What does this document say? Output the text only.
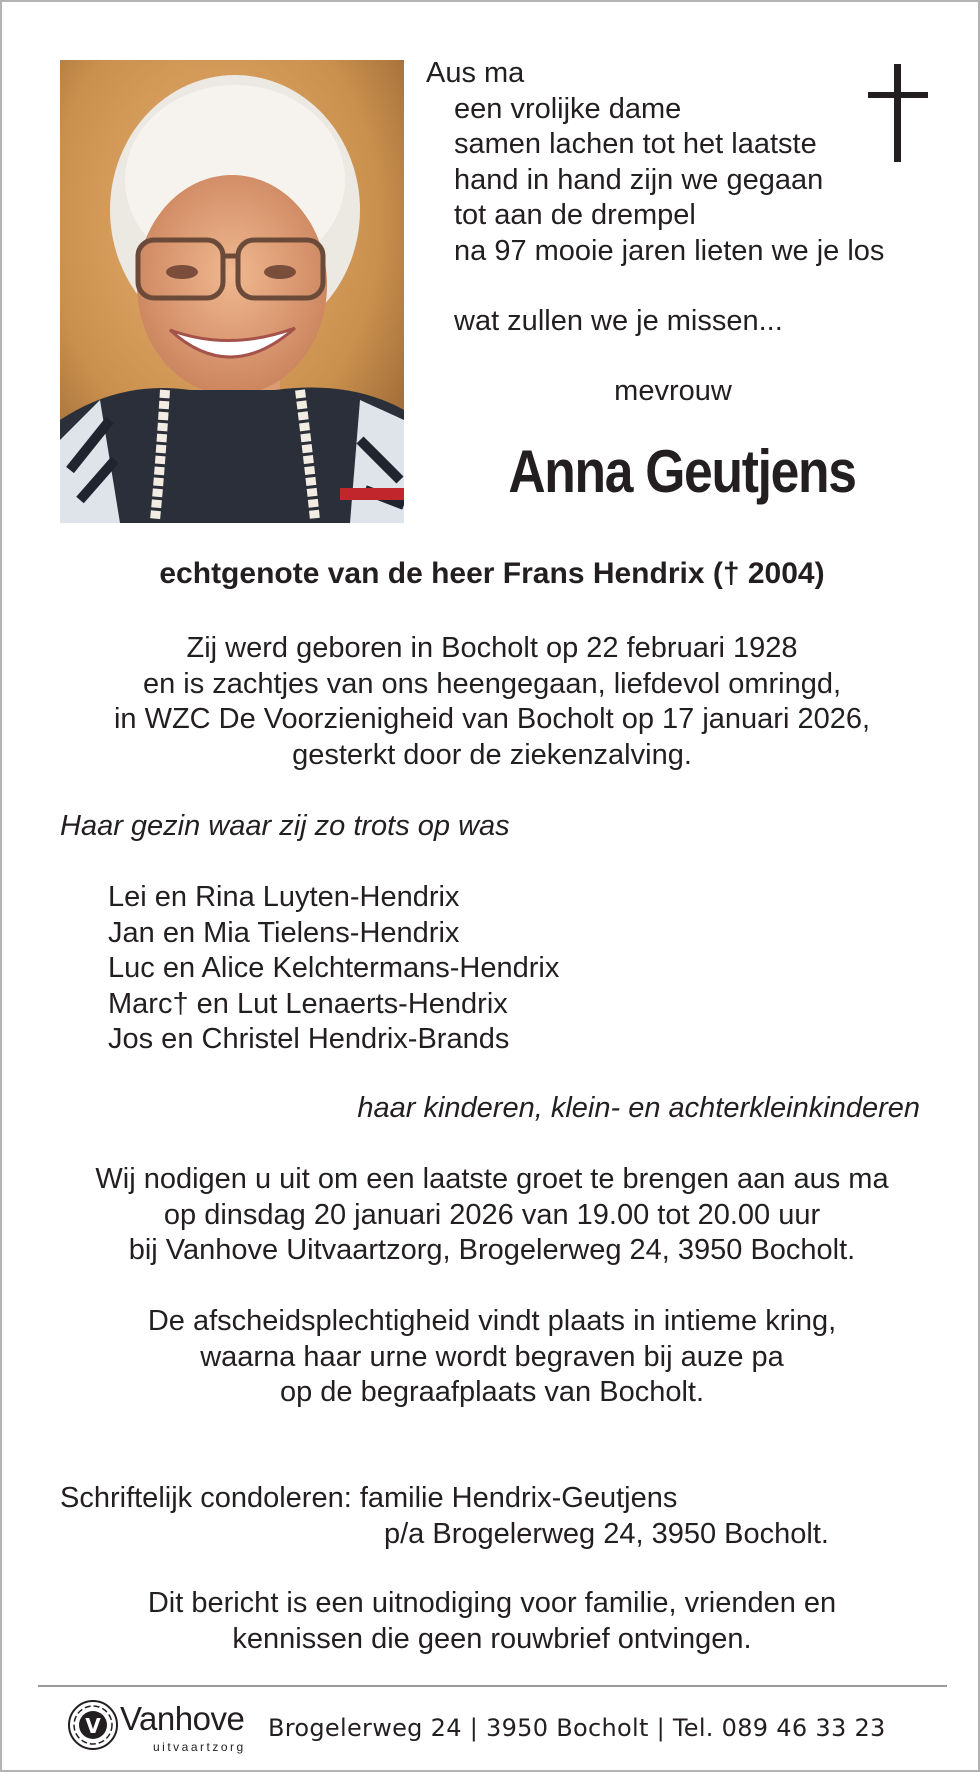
Aus ma
een vrolijke dame
samen lachen tot het laatste
hand in hand zijn we gegaan
tot aan de drempel
na 97 mooie jaren lieten we je los
wat zullen we je missen...
mevrouw
Anna Geutjens
echtgenote van de heer Frans Hendrix († 2004)
Zij werd geboren in Bocholt op 22 februari 1928
en is zachtjes van ons heengegaan, liefdevol omringd,
in WZC De Voorzienigheid van Bocholt op 17 januari 2026,
gesterkt door de ziekenzalving.
Haar gezin waar zij zo trots op was
Lei en Rina Luyten-Hendrix
Jan en Mia Tielens-Hendrix
Luc en Alice Kelchtermans-Hendrix
Marc† en Lut Lenaerts-Hendrix
Jos en Christel Hendrix-Brands
haar kinderen, klein- en achterkleinkinderen
Wij nodigen u uit om een laatste groet te brengen aan aus ma
op dinsdag 20 januari 2026 van 19.00 tot 20.00 uur
bij Vanhove Uitvaartzorg, Brogelerweg 24, 3950 Bocholt.
De afscheidsplechtigheid vindt plaats in intieme kring,
waarna haar urne wordt begraven bij auze pa
op de begraafplaats van Bocholt.
Schriftelijk condoleren: familie Hendrix-Geutjens
p/a Brogelerweg 24, 3950 Bocholt.
Dit bericht is een uitnodiging voor familie, vrienden en
kennissen die geen rouwbrief ontvingen.
V Vanhove
uitvaartzorg
Brogelerweg 24 | 3950 Bocholt | Tel. 089 46 33 23
